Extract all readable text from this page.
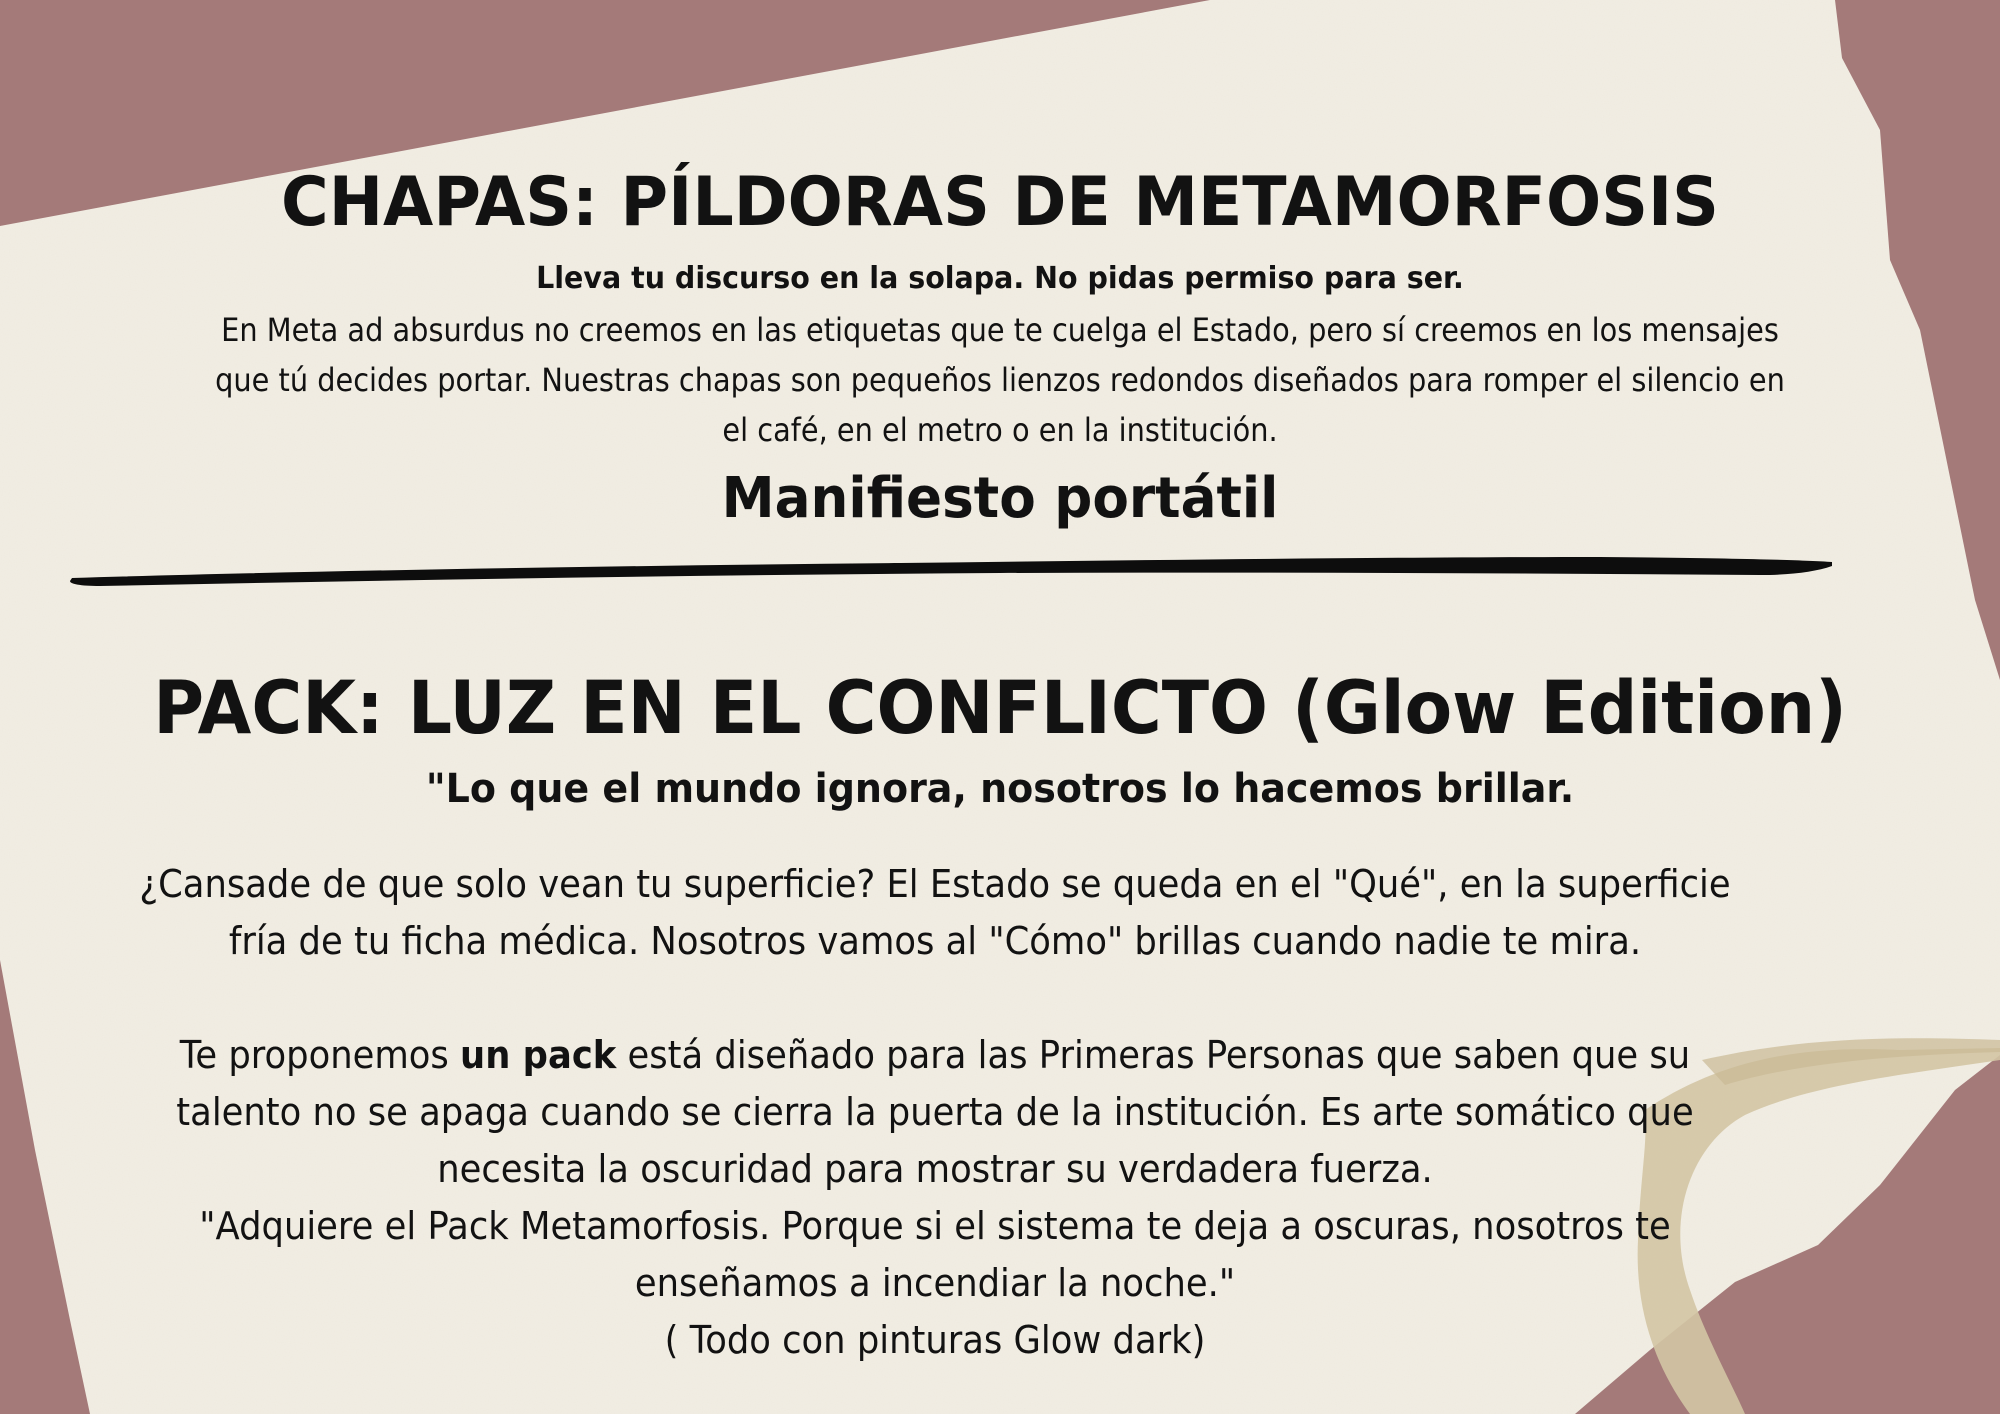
CHAPAS: PÍLDORAS DE METAMORFOSIS
Lleva tu discurso en la solapa. No pidas permiso para ser.
En Meta ad absurdus no creemos en las etiquetas que te cuelga el Estado, pero sí creemos en los mensajes
que tú decides portar. Nuestras chapas son pequeños lienzos redondos diseñados para romper el silencio en
el café, en el metro o en la institución.
Manifiesto portátil
PACK: LUZ EN EL CONFLICTO (Glow Edition)
"Lo que el mundo ignora, nosotros lo hacemos brillar.
¿Cansade de que solo vean tu superficie? El Estado se queda en el "Qué", en la superficie
fría de tu ficha médica. Nosotros vamos al "Cómo" brillas cuando nadie te mira.
Te proponemos un pack está diseñado para las Primeras Personas que saben que su
talento no se apaga cuando se cierra la puerta de la institución. Es arte somático que
necesita la oscuridad para mostrar su verdadera fuerza.
"Adquiere el Pack Metamorfosis. Porque si el sistema te deja a oscuras, nosotros te
enseñamos a incendiar la noche."
( Todo con pinturas Glow dark)
